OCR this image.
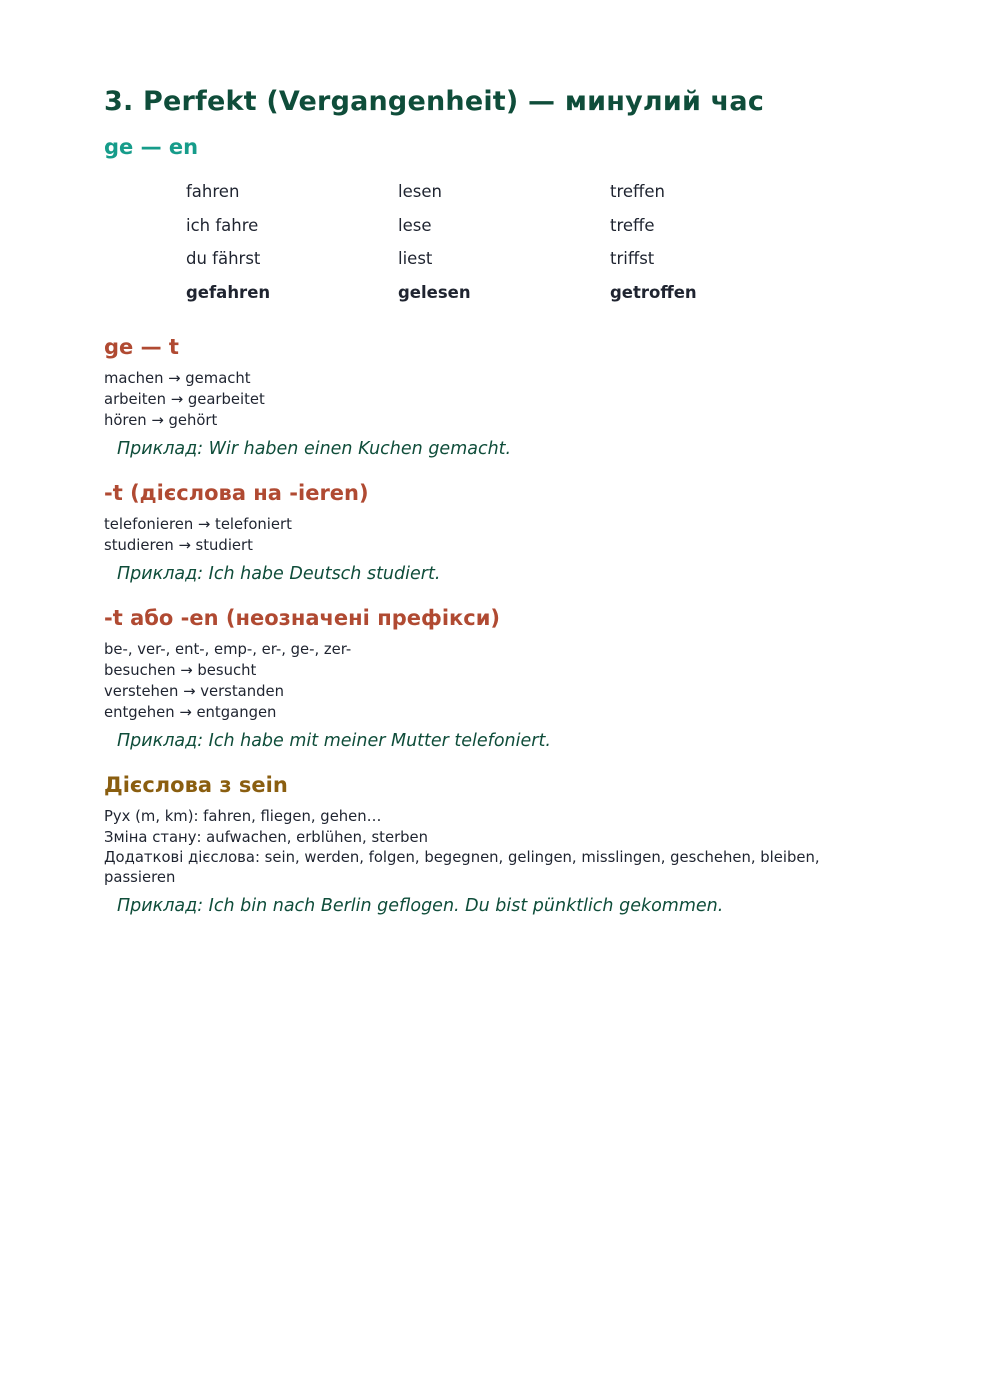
3. Perfekt (Vergangenheit) — минулий час
ge — en
fahren	lesen	treffen
ich fahre	lese	treffe
du fährst	liest	triffst
gefahren	gelesen	getroffen
ge — t
machen → gemacht
arbeiten → gearbeitet
hören → gehört
Приклад: Wir haben einen Kuchen gemacht.
-t (дієслова на -ieren)
telefonieren → telefoniert
studieren → studiert
Приклад: Ich habe Deutsch studiert.
-t або -en (неозначені префікси)
be-, ver-, ent-, emp-, er-, ge-, zer-
besuchen → besucht
verstehen → verstanden
entgehen → entgangen
Приклад: Ich habe mit meiner Mutter telefoniert.
Дієслова з sein
Рух (m, km): fahren, fliegen, gehen…
Зміна стану: aufwachen, erblühen, sterben
Додаткові дієслова: sein, werden, folgen, begegnen, gelingen, misslingen, geschehen, bleiben, passieren
Приклад: Ich bin nach Berlin geflogen. Du bist pünktlich gekommen.
